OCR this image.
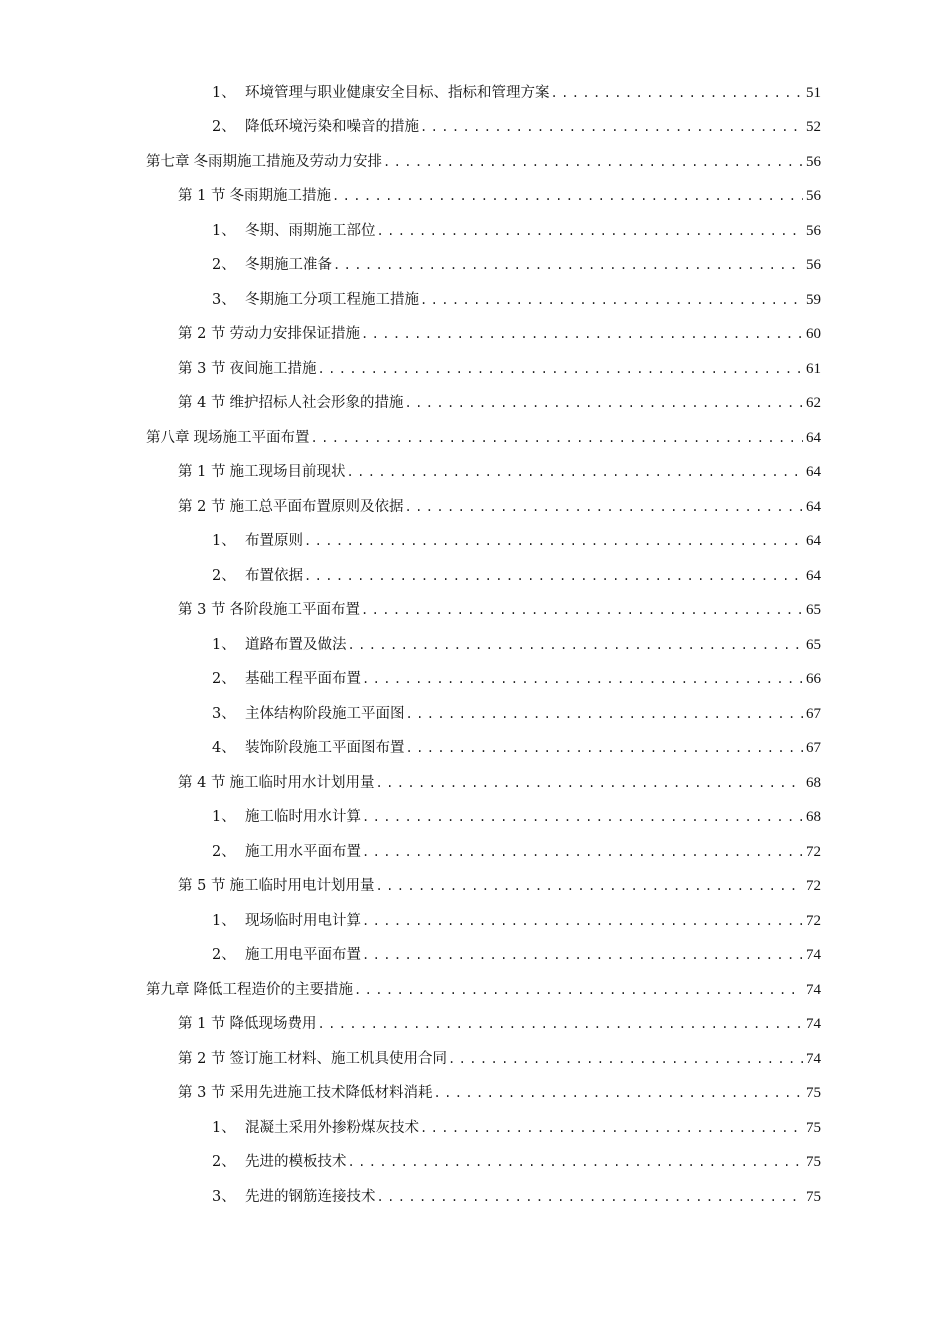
1、 环境管理与职业健康安全目标、指标和管理方案 .....	51
2、 降低环境污染和噪音的措施 .....	52
第七章 冬雨期施工措施及劳动力安排 .....	56
第 1 节 冬雨期施工措施 .....	56
1、 冬期、雨期施工部位 .....	56
2、 冬期施工准备 .....	56
3、 冬期施工分项工程施工措施 .....	59
第 2 节 劳动力安排保证措施 .....	60
第 3 节 夜间施工措施 .....	61
第 4 节 维护招标人社会形象的措施 .....	62
第八章 现场施工平面布置 .....	64
第 1 节 施工现场目前现状 .....	64
第 2 节 施工总平面布置原则及依据 .....	64
1、 布置原则 .....	64
2、 布置依据 .....	64
第 3 节 各阶段施工平面布置 .....	65
1、 道路布置及做法 .....	65
2、 基础工程平面布置 .....	66
3、 主体结构阶段施工平面图 .....	67
4、 装饰阶段施工平面图布置 .....	67
第 4 节 施工临时用水计划用量 .....	68
1、 施工临时用水计算 .....	68
2、 施工用水平面布置 .....	72
第 5 节 施工临时用电计划用量 .....	72
1、 现场临时用电计算 .....	72
2、 施工用电平面布置 .....	74
第九章 降低工程造价的主要措施 .....	74
第 1 节 降低现场费用 .....	74
第 2 节 签订施工材料、施工机具使用合同 .....	74
第 3 节 采用先进施工技术降低材料消耗 .....	75
1、 混凝土采用外掺粉煤灰技术 .....	75
2、 先进的模板技术 .....	75
3、 先进的钢筋连接技术 .....	75
